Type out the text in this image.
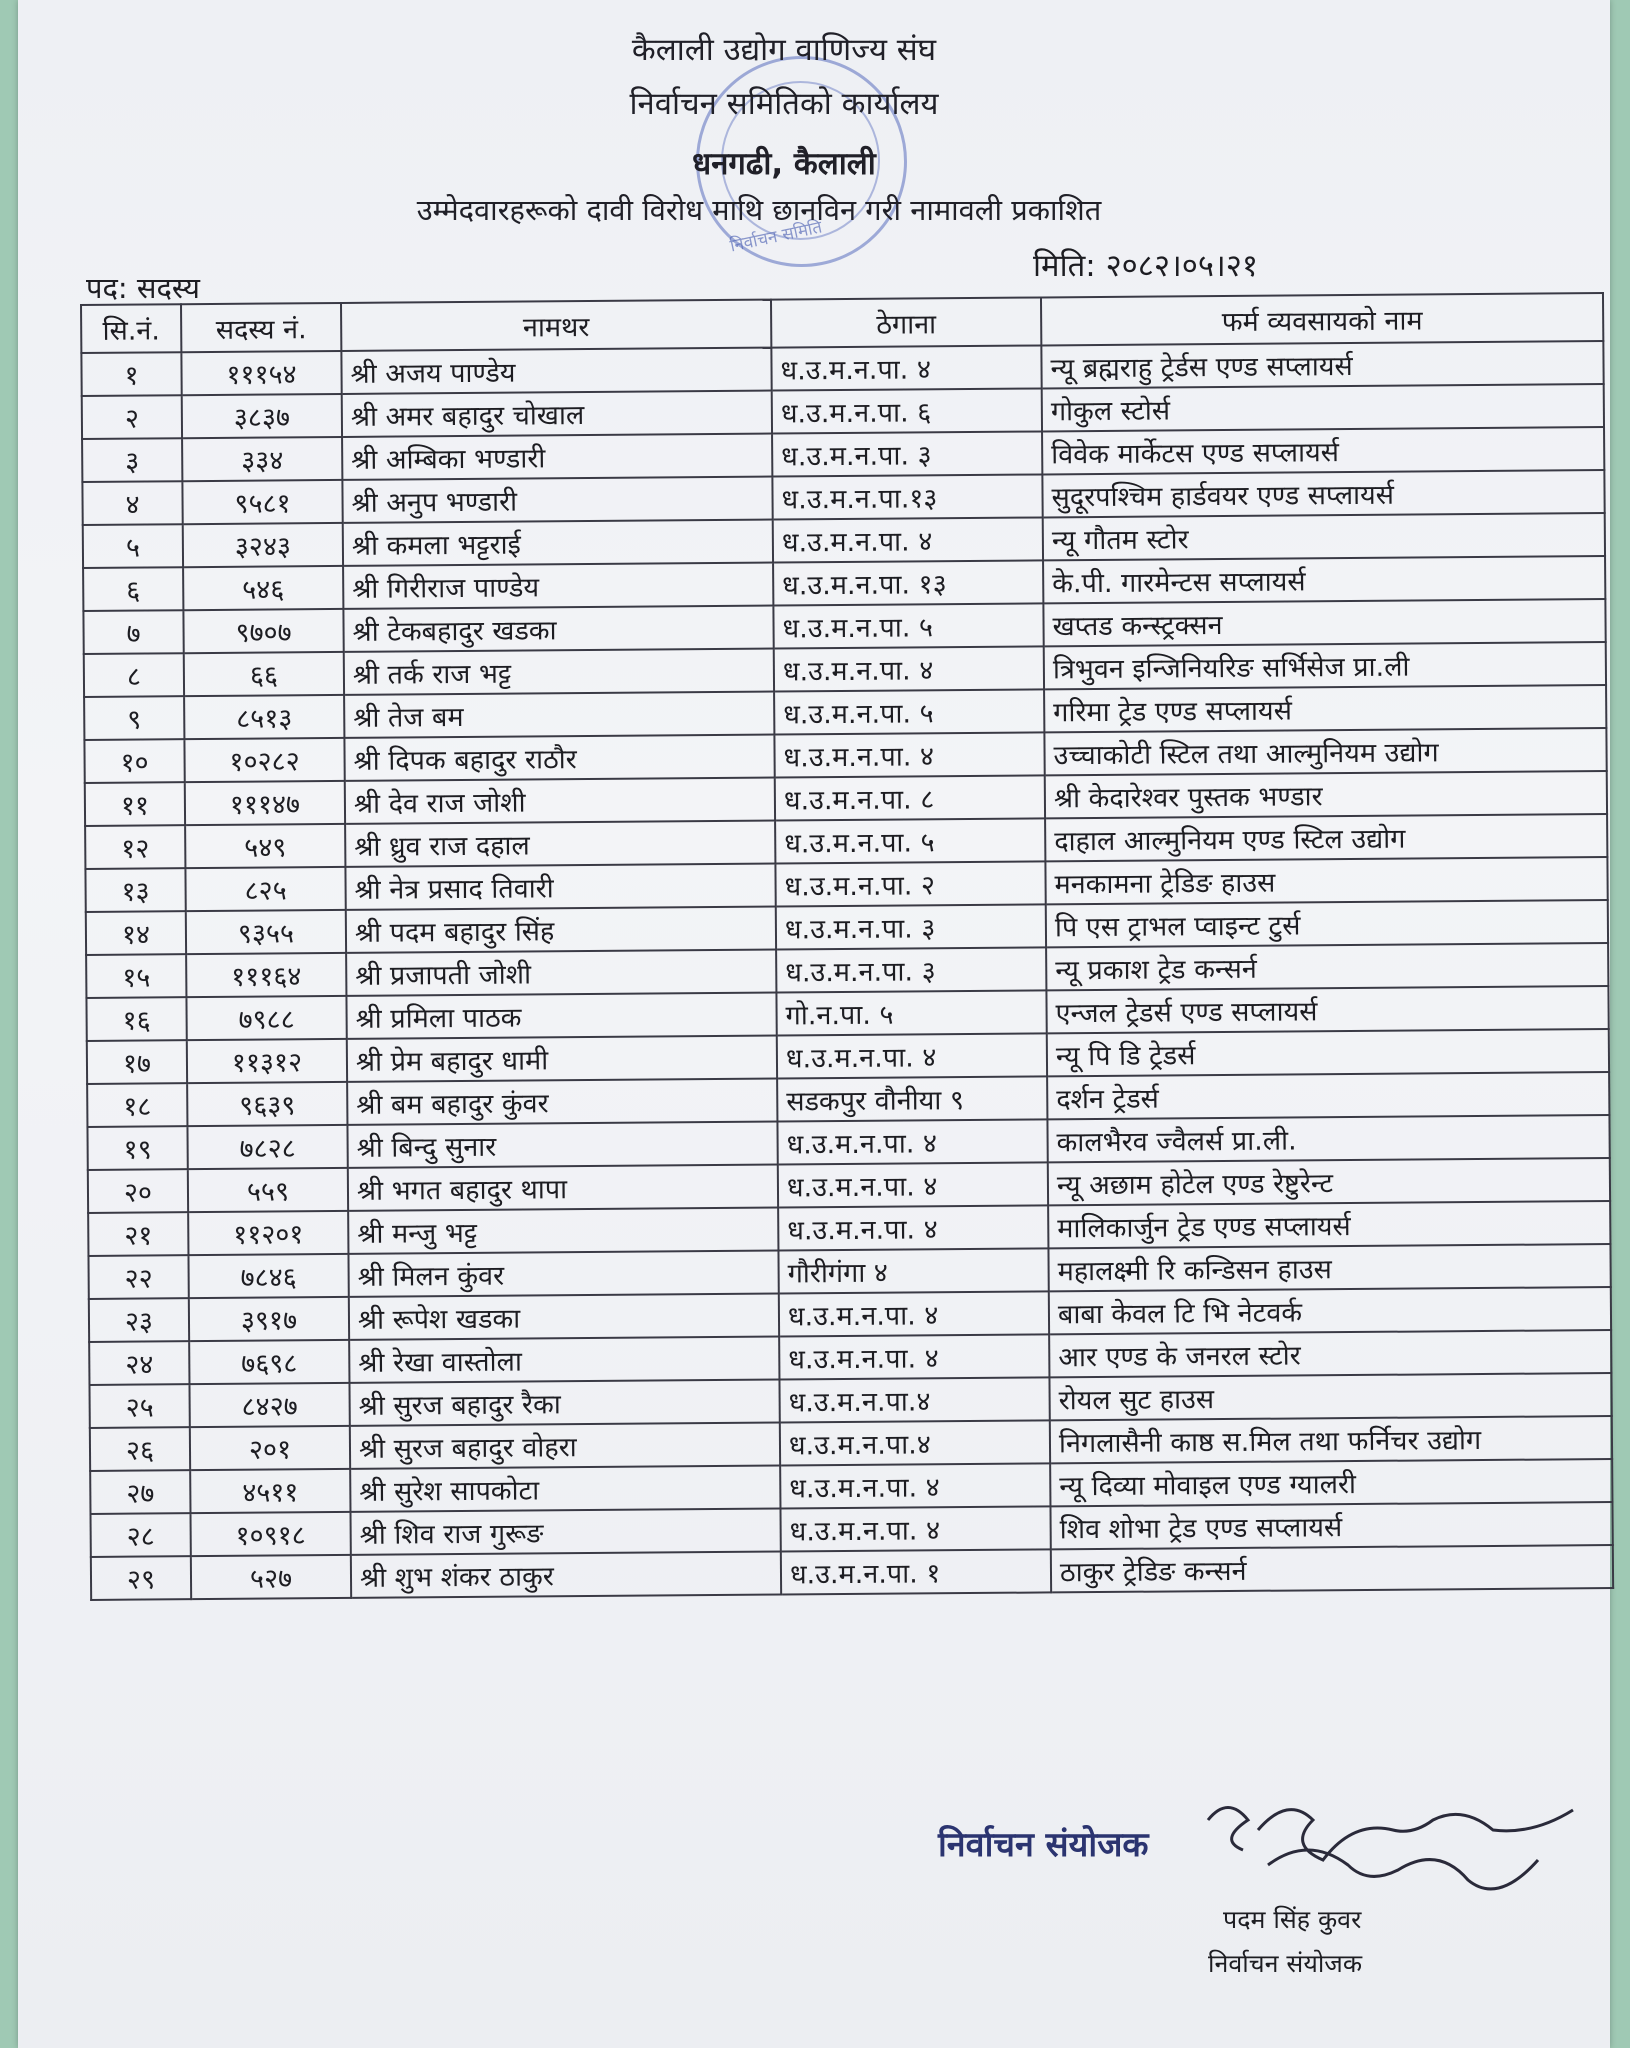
निर्वाचन समिति
कैलाली उद्योग वाणिज्य संघ
निर्वाचन समितिको कार्यालय
धनगढी, कैलाली
उम्मेदवारहरूको दावी विरोध माथि छानविन गरी नामावली प्रकाशित
मिति: २०८२।०५।२१
पद: सदस्य
सि.नं.	सदस्य नं.	नामथर	ठेगाना	फर्म व्यवसायको नाम
१	१११५४	श्री अजय पाण्डेय	ध.उ.म.न.पा. ४	न्यू ब्रह्मराहु ट्रेर्डस एण्ड सप्लायर्स
२	३८३७	श्री अमर बहादुर चोखाल	ध.उ.म.न.पा. ६	गोकुल स्टोर्स
३	३३४	श्री अम्बिका भण्डारी	ध.उ.म.न.पा. ३	विवेक मार्केटस एण्ड सप्लायर्स
४	९५८१	श्री अनुप भण्डारी	ध.उ.म.न.पा.१३	सुदूरपश्चिम हार्डवयर एण्ड सप्लायर्स
५	३२४३	श्री कमला भट्टराई	ध.उ.म.न.पा. ४	न्यू गौतम स्टोर
६	५४६	श्री गिरीराज पाण्डेय	ध.उ.म.न.पा. १३	के.पी. गारमेन्टस सप्लायर्स
७	९७०७	श्री टेकबहादुर खडका	ध.उ.म.न.पा. ५	खप्तड कन्स्ट्रक्सन
८	६६	श्री तर्क राज भट्ट	ध.उ.म.न.पा. ४	त्रिभुवन इन्जिनियरिङ सर्भिसेज प्रा.ली
९	८५१३	श्री तेज बम	ध.उ.म.न.पा. ५	गरिमा ट्रेड एण्ड सप्लायर्स
१०	१०२८२	श्री दिपक बहादुर राठौर	ध.उ.म.न.पा. ४	उच्चाकोटी स्टिल तथा आल्मुनियम उद्योग
११	१११४७	श्री देव राज जोशी	ध.उ.म.न.पा. ८	श्री केदारेश्वर पुस्तक भण्डार
१२	५४९	श्री ध्रुव राज दहाल	ध.उ.म.न.पा. ५	दाहाल आल्मुनियम एण्ड स्टिल उद्योग
१३	८२५	श्री नेत्र प्रसाद तिवारी	ध.उ.म.न.पा. २	मनकामना ट्रेडिङ हाउस
१४	९३५५	श्री पदम बहादुर सिंह	ध.उ.म.न.पा. ३	पि एस ट्राभल प्वाइन्ट टुर्स
१५	१११६४	श्री प्रजापती जोशी	ध.उ.म.न.पा. ३	न्यू प्रकाश ट्रेड कन्सर्न
१६	७९८८	श्री प्रमिला पाठक	गो.न.पा. ५	एन्जल ट्रेडर्स एण्ड सप्लायर्स
१७	११३१२	श्री प्रेम बहादुर धामी	ध.उ.म.न.पा. ४	न्यू पि डि ट्रेडर्स
१८	९६३९	श्री बम बहादुर कुंवर	सडकपुर वौनीया ९	दर्शन ट्रेडर्स
१९	७८२८	श्री बिन्दु सुनार	ध.उ.म.न.पा. ४	कालभैरव ज्वैलर्स प्रा.ली.
२०	५५९	श्री भगत बहादुर थापा	ध.उ.म.न.पा. ४	न्यू अछाम होटेल एण्ड रेष्टुरेन्ट
२१	११२०१	श्री मन्जु भट्ट	ध.उ.म.न.पा. ४	मालिकार्जुन ट्रेड एण्ड सप्लायर्स
२२	७८४६	श्री मिलन कुंवर	गौरीगंगा ४	महालक्ष्मी रि कन्डिसन हाउस
२३	३९१७	श्री रूपेश खडका	ध.उ.म.न.पा. ४	बाबा केवल टि भि नेटवर्क
२४	७६९८	श्री रेखा वास्तोला	ध.उ.म.न.पा. ४	आर एण्ड के जनरल स्टोर
२५	८४२७	श्री सुरज बहादुर रैका	ध.उ.म.न.पा.४	रोयल सुट हाउस
२६	२०१	श्री सुरज बहादुर वोहरा	ध.उ.म.न.पा.४	निगलासैनी काष्ठ स.मिल तथा फर्निचर उद्योग
२७	४५११	श्री सुरेश सापकोटा	ध.उ.म.न.पा. ४	न्यू दिव्या मोवाइल एण्ड ग्यालरी
२८	१०९१८	श्री शिव राज गुरूङ	ध.उ.म.न.पा. ४	शिव शोभा ट्रेड एण्ड सप्लायर्स
२९	५२७	श्री शुभ शंकर ठाकुर	ध.उ.म.न.पा. १	ठाकुर ट्रेडिङ कन्सर्न
निर्वाचन संयोजक
पदम सिंह कुवर
निर्वाचन संयोजक
